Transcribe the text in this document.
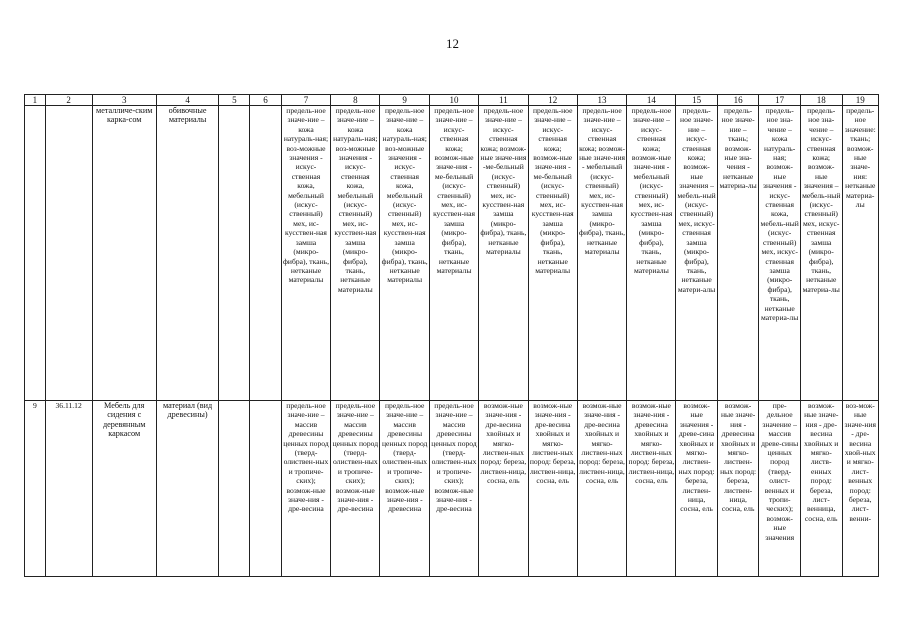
12
1	2	3	4	5	6	7	8	9	10	11	12	13	14	15	16	17	18	19
		металличе-ским карка-сом	обивочные материалы			предель-ное значе-ние – кожа натураль-ная; воз-можные значения - искус-ственная кожа, мебельный (искус-ственный) мех, ис-кусствен-ная замша (микро-фибра), ткань, нетканые материалы	предель-ное значе-ние – кожа натураль-ная; воз-можные значения - искус-ственная кожа, мебельный (искус-ственный) мех, ис-кусствен-ная замша (микро-фибра), ткань, нетканые материалы	предель-ное значе-ние – кожа натураль-ная; воз-можные значения - искус-ственная кожа, мебельный (искус-ственный) мех, ис-кусствен-ная замша (микро-фибра), ткань, нетканые материалы	предель-ное значе-ние – искус-ственная кожа; возмож-ные значе-ния - ме-бельный (искус-ственный) мех, ис-кусствен-ная замша (микро-фибра), ткань, нетканые материалы	предель-ное значе-ние – искус-ственная кожа; возмож-ные значе-ния -ме-бельный (искус-ственный) мех, ис-кусствен-ная замша (микро-фибра), ткань, нетканые материалы	предель-ное значе-ние – искус-ственная кожа; возмож-ные значе-ния - ме-бельный (искус-ственный) мех, ис-кусствен-ная замша (микро-фибра), ткань, нетканые материалы	предель-ное значе-ние – искус-ственная кожа; возмож-ные значе-ния - мебельный (искус-ственный) мех, ис-кусствен-ная замша (микро-фибра), ткань, нетканые материалы	предель-ное значе-ние – искус-ственная кожа; возмож-ные значе-ния - мебельный (искус-ственный) мех, ис-кусствен-ная замша (микро-фибра), ткань, нетканые материалы	предель-ное значе-ние – искус-ственная кожа; возмож-ные значения – мебель-ный (искус-ственный) мех, искус-ственная замша (микро-фибра), ткань, нетканые матери-алы	предель-ное значе-ние – ткань; возмож-ные зна-чения - нетканые материа-лы	предель-ное зна-чение – кожа натураль-ная; возмож-ные значения - искус-ственная кожа, мебель-ный (искус-ственный) мех, искус-ственная замша (микро-фибра), ткань, нетканые материа-лы	предель-ное зна-чение – искус-ственная кожа; возмож-ные значения – мебель-ный (искус-ственный) мех, искус-ственная замша (микро-фибра), ткань, нетканые материа-лы	предель-ное значение: ткань; возмож-ные значе-ния: нетканые материа-лы
9	36.11.12	Мебель для сидения с деревянным каркасом	материал (вид древесины)			предель-ное значе-ние – массив древесины ценных пород (тверд-олиствен-ных и тропиче-ских); возмож-ные значе-ния - дре-весина	предель-ное значе-ние – массив древесины ценных пород (тверд-олиствен-ных и тропиче-ских); возмож-ные значе-ния - дре-весина	предель-ное значе-ние – массив древесины ценных пород (тверд-олиствен-ных и тропиче-ских); возмож-ные значе-ния - древесина	предель-ное значе-ние – массив древесины ценных пород (тверд-олиствен-ных и тропиче-ских); возмож-ные значе-ния - дре-весина	возмож-ные значе-ния - дре-весина хвойных и мягко-листвен-ных пород: береза, листвен-ница, сосна, ель	возмож-ные значе-ния - дре-весина хвойных и мягко-листвен-ных пород: береза, листвен-ница, сосна, ель	возмож-ные значе-ния - дре-весина хвойных и мягко-листвен-ных пород: береза, листвен-ница, сосна, ель	возмож-ные значе-ния - древесина хвойных и мягко-листвен-ных пород: береза, листвен-ница, сосна, ель	возмож-ные значения - древе-сина хвойных и мягко-листвен-ных пород: береза, листвен-ница, сосна, ель	возмож-ные значе-ния - древесина хвойных и мягко-листвен-ных пород: береза, листвен-ница, сосна, ель	пре-дельное значение – массив древе-сины ценных пород (тверд-олист-венных и тропи-ческих); возмож-ные значения	возмож-ные значе-ния - дре-весина хвойных и мягко-листв-енных пород: береза, лист-венница, сосна, ель	воз-мож-ные значе-ния - дре-весина хвой-ных и мягко-лист-венных пород: береза, лист-венни-
